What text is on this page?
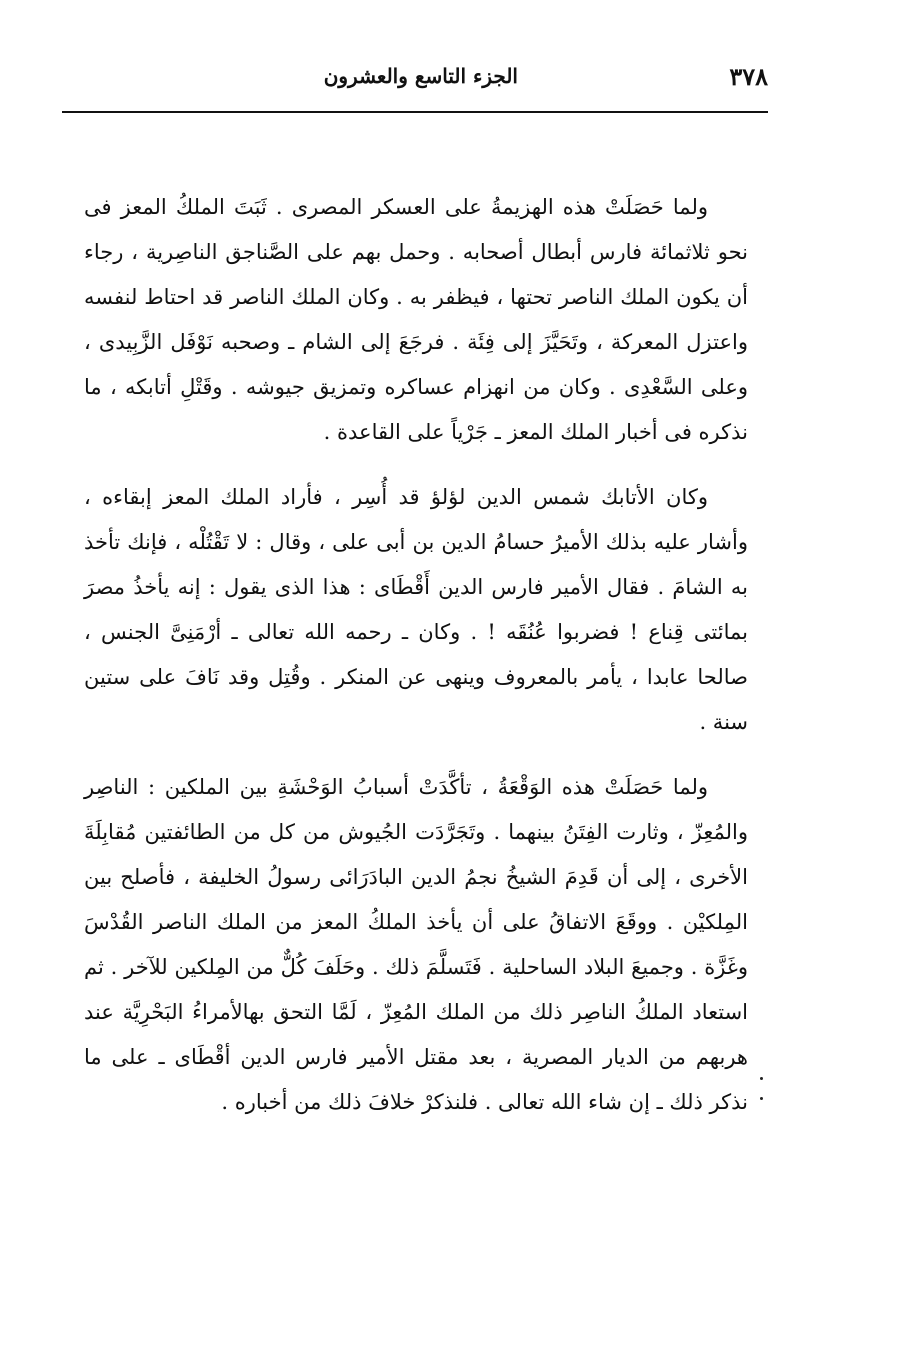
٣٧٨
الجزء التاسع والعشرون

ولما حَصَلَتْ هذه الهزيمةُ على العسكر المصرى . ثَبَتَ الملكُ المعز فى نحو ثلاثمائة فارس أبطال أصحابه . وحمل بهم على الصَّناجق الناصِرية ، رجاء أن يكون الملك الناصر تحتها ، فيظفر به . وكان الملك الناصر قد احتاط لنفسه واعتزل المعركة ، وتَحَيَّزَ إلى فِئَة . فرجَعَ إلى الشام ـ وصحبه نَوْفَل الزَّبِيدى ، وعلى السَّعْدِى . وكان من انهزام عساكره وتمزيق جيوشه . وقَتْلِ أتابكه ، ما نذكره فى أخبار الملك المعز ـ جَرْياً على القاعدة .

وكان الأتابك شمس الدين لؤلؤ قد أُسِر ، فأراد الملك المعز إبقاءه ، وأشار عليه بذلك الأميرُ حسامُ الدين بن أبى على ، وقال : لا تَقْتُلْه ، فإنك تأخذ به الشامَ . فقال الأمير فارس الدين أَقْطَاى : هذا الذى يقول : إنه يأخذُ مصرَ بمائتى قِناع ! فضربوا عُنُقَه ! . وكان ـ رحمه الله تعالى ـ أرْمَنِىَّ الجنس ، صالحا عابدا ، يأمر بالمعروف وينهى عن المنكر . وقُتِل وقد نَافَ على ستين سنة .

ولما حَصَلَتْ هذه الوَقْعَةُ ، تأكَّدَتْ أسبابُ الوَحْشَةِ بين الملكين : الناصِر والمُعِزّ ، وثارت الفِتَنُ بينهما . وتَجَرَّدَت الجُيوش من كل من الطائفتين مُقابِلَةَ الأخرى ، إلى أن قَدِمَ الشيخُ نجمُ الدين البادَرَائى رسولُ الخليفة ، فأصلح بين المِلكيْن . ووقَعَ الاتفاقُ على أن يأخذ الملكُ المعز من الملك الناصر القُدْسَ وغَزَّة . وجميعَ البلاد الساحلية . فَتَسلَّمَ ذلك . وحَلَفَ كُلٌّ من المِلكين للآخر . ثم استعاد الملكُ الناصِر ذلك من الملك المُعِزّ ، لَمَّا التحق بهالأمراءُ البَحْرِيَّة عند هربهم من الديار المصرية ، بعد مقتل الأمير فارس الدين أقْطَاى ـ على ما نذكر ذلك ـ إن شاء الله تعالى . فلنذكرْ خلافَ ذلك من أخباره .
